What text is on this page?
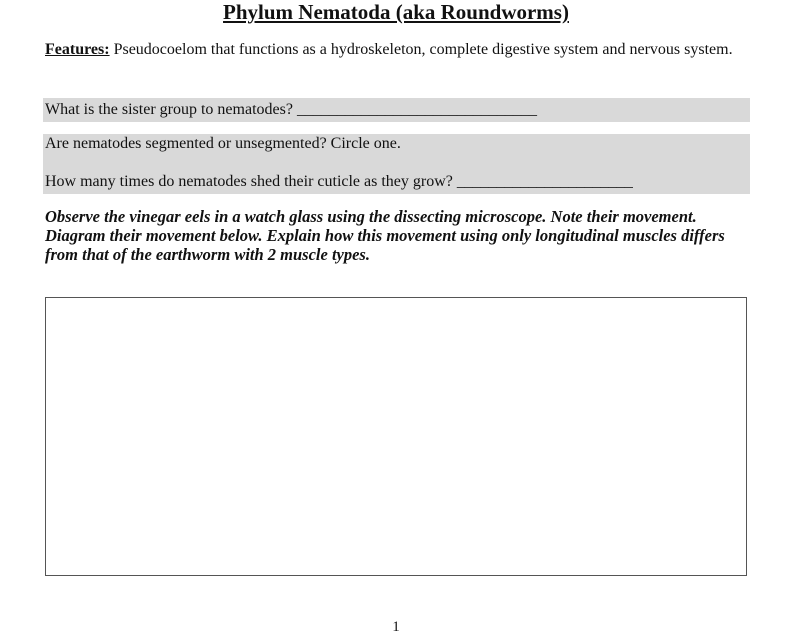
Phylum Nematoda (aka Roundworms)
Features: Pseudocoelom that functions as a hydroskeleton, complete digestive system and nervous system.
What is the sister group to nematodes? ______________________________
Are nematodes segmented or unsegmented? Circle one.
How many times do nematodes shed their cuticle as they grow? ______________________
Observe the vinegar eels in a watch glass using the dissecting microscope. Note their movement. Diagram their movement below. Explain how this movement using only longitudinal muscles differs from that of the earthworm with 2 muscle types.
1
